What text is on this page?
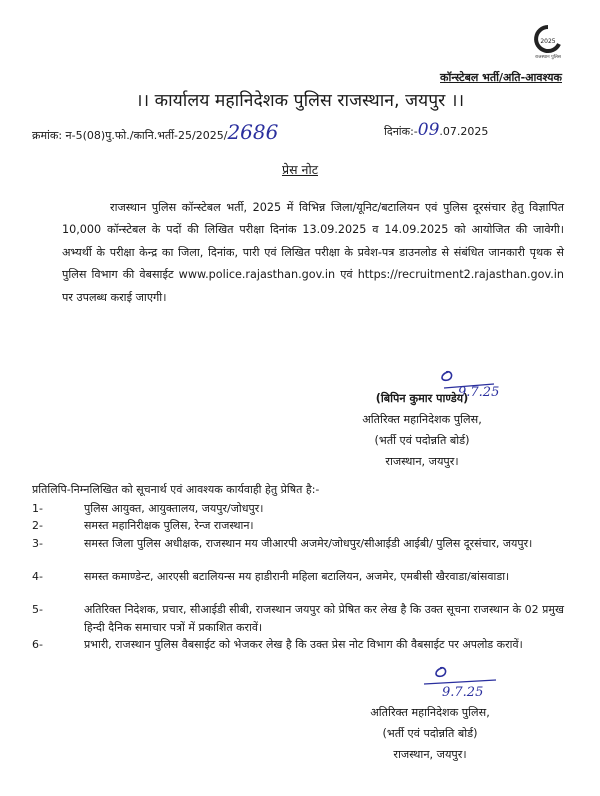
2025
राजस्थान पुलिस
कॉन्स्टेबल भर्ती/अति-आवश्यक
।। कार्यालय महानिदेशक पुलिस राजस्थान, जयपुर ।।
क्रमांक: न-5(08)पु.फो./कानि.भर्ती-25/2025/2686	दिनांक:-09.07.2025
प्रेस नोट
राजस्थान पुलिस कॉन्स्टेबल भर्ती, 2025 में विभिन्न जिला/यूनिट/बटालियन एवं पुलिस दूरसंचार हेतु विज्ञापित 10,000 कॉन्स्टेबल के पदों की लिखित परीक्षा दिनांक 13.09.2025 व 14.09.2025 को आयोजित की जावेगी। अभ्यर्थी के परीक्षा केन्द्र का जिला, दिनांक, पारी एवं लिखित परीक्षा के प्रवेश-पत्र डाउनलोड से संबंधित जानकारी पृथक से पुलिस विभाग की वेबसाईट www.police.rajasthan.gov.in एवं https://recruitment2.rajasthan.gov.in पर उपलब्ध कराई जाएगी।
9.7.25
(बिपिन कुमार पाण्डेय)
अतिरिक्त महानिदेशक पुलिस,
(भर्ती एवं पदोन्नति बोर्ड)
राजस्थान, जयपुर।
प्रतिलिपि-निम्नलिखित को सूचनार्थ एवं आवश्यक कार्यवाही हेतु प्रेषित है:-
1-	पुलिस आयुक्त, आयुक्तालय, जयपुर/जोधपुर।
2-	समस्त महानिरीक्षक पुलिस, रेन्ज राजस्थान।
3-	समस्त जिला पुलिस अधीक्षक, राजस्थान मय जीआरपी अजमेर/जोधपुर/सीआईडी आईबी/ पुलिस दूरसंचार, जयपुर।
4-	समस्त कमाण्डेन्ट, आरएसी बटालियन्स मय हाडीरानी महिला बटालियन, अजमेर, एमबीसी खैरवाडा/बांसवाडा।
5-	अतिरिक्त निदेशक, प्रचार, सीआईडी सीबी, राजस्थान जयपुर को प्रेषित कर लेख है कि उक्त सूचना राजस्थान के 02 प्रमुख हिन्दी दैनिक समाचार पत्रों में प्रकाशित करावें।
6-	प्रभारी, राजस्थान पुलिस वैबसाईट को भेजकर लेख है कि उक्त प्रेस नोट विभाग की वैबसाईट पर अपलोड करावें।
9.7.25
अतिरिक्त महानिदेशक पुलिस,
(भर्ती एवं पदोन्नति बोर्ड)
राजस्थान, जयपुर।
